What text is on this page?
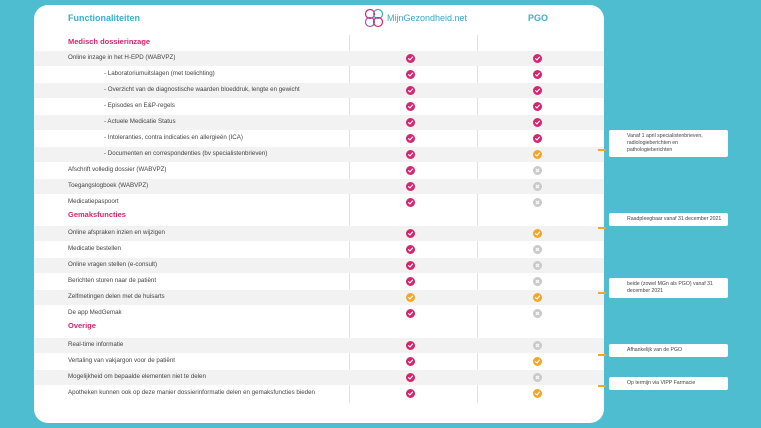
Functionaliteiten	MijnGezondheid.net	PGO
Medisch dossierinzage
Gemaksfuncties
Overige
Online inzage in het H-EPD (WABVPZ)
- Laboratoriumuitslagen (met toelichting)
- Overzicht van de diagnostische waarden bloeddruk, lengte en gewicht
- Episodes en E&P-regels
- Actuele Medicatie Status
- Intoleranties, contra indicaties en allergieën (ICA)
- Documenten en correspondenties (bv specialistenbrieven)
Afschrift volledig dossier (WABVPZ)
Toegangslogboek (WABVPZ)
Medicatiepaspoort
Online afspraken inzien en wijzigen
Medicatie bestellen
Online vragen stellen (e-consult)
Berichten sturen naar de patiënt
Zelfmetingen delen met de huisarts
De app MedGemak
Real-time informatie
Vertaling van vakjargon voor de patiënt
Mogelijkheid om bepaalde elementen niet te delen
Apotheken kunnen ook op deze manier dossierinformatie delen en gemaksfuncties bieden
Vanaf 1 april specialistenbrieven, radiologieberichten en pathologieberichten
Raadpleegbaar vanaf 31 december 2021
beide (zowel MGn als PGO) vanaf 31 december 2021
Afhankelijk van de PGO
Op termijn via VIPP Farmacie
